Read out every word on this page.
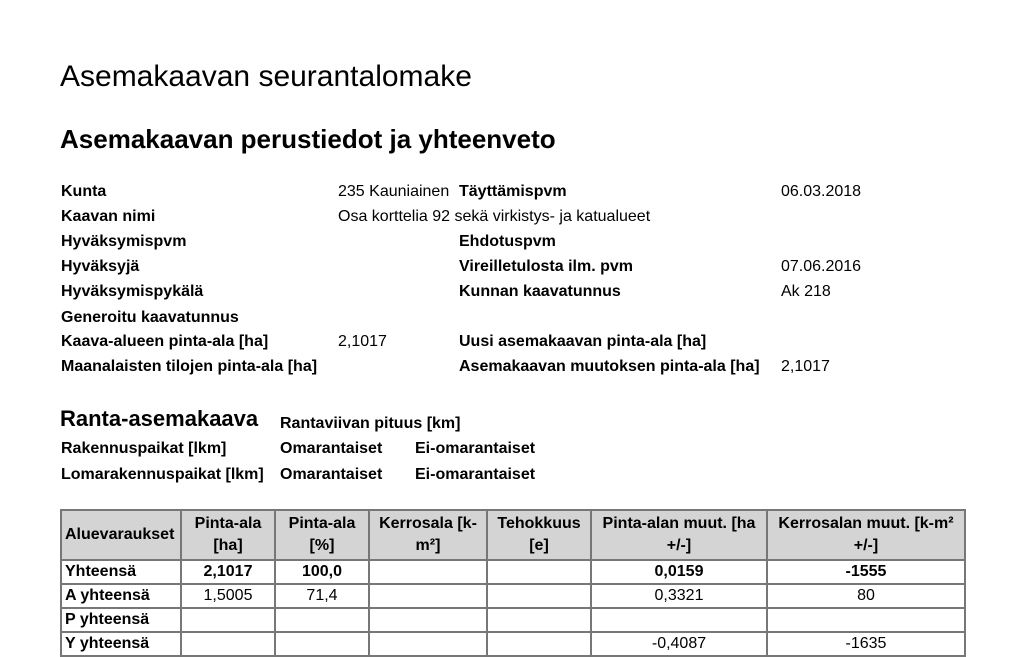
Asemakaavan seurantalomake
Asemakaavan perustiedot ja yhteenveto
Kunta	235 Kauniainen Täyttämispvm	06.03.2018
Kaavan nimi	Osa korttelia 92 sekä virkistys- ja katualueet
Hyväksymispvm	Ehdotuspvm
Hyväksyjä	Vireilletulosta ilm. pvm	07.06.2016
Hyväksymispykälä	Kunnan kaavatunnus	Ak 218
Generoitu kaavatunnus
Kaava-alueen pinta-ala [ha]	2,1017	Uusi asemakaavan pinta-ala [ha]
Maanalaisten tilojen pinta-ala [ha]	Asemakaavan muutoksen pinta-ala [ha] 2,1017
Ranta-asemakaava Rantaviivan pituus [km]
Rakennuspaikat [lkm]	Omarantaiset Ei-omarantaiset
Lomarakennuspaikat [lkm] Omarantaiset Ei-omarantaiset
Aluevaraukset	Pinta-ala [ha]	Pinta-ala [%]	Kerrosala [k-m²]	Tehokkuus [e]	Pinta-alan muut. [ha +/-]	Kerrosalan muut. [k-m² +/-]
Yhteensä	2,1017	100,0			0,0159	-1555
A yhteensä	1,5005	71,4			0,3321	80
P yhteensä						
Y yhteensä					-0,4087	-1635
